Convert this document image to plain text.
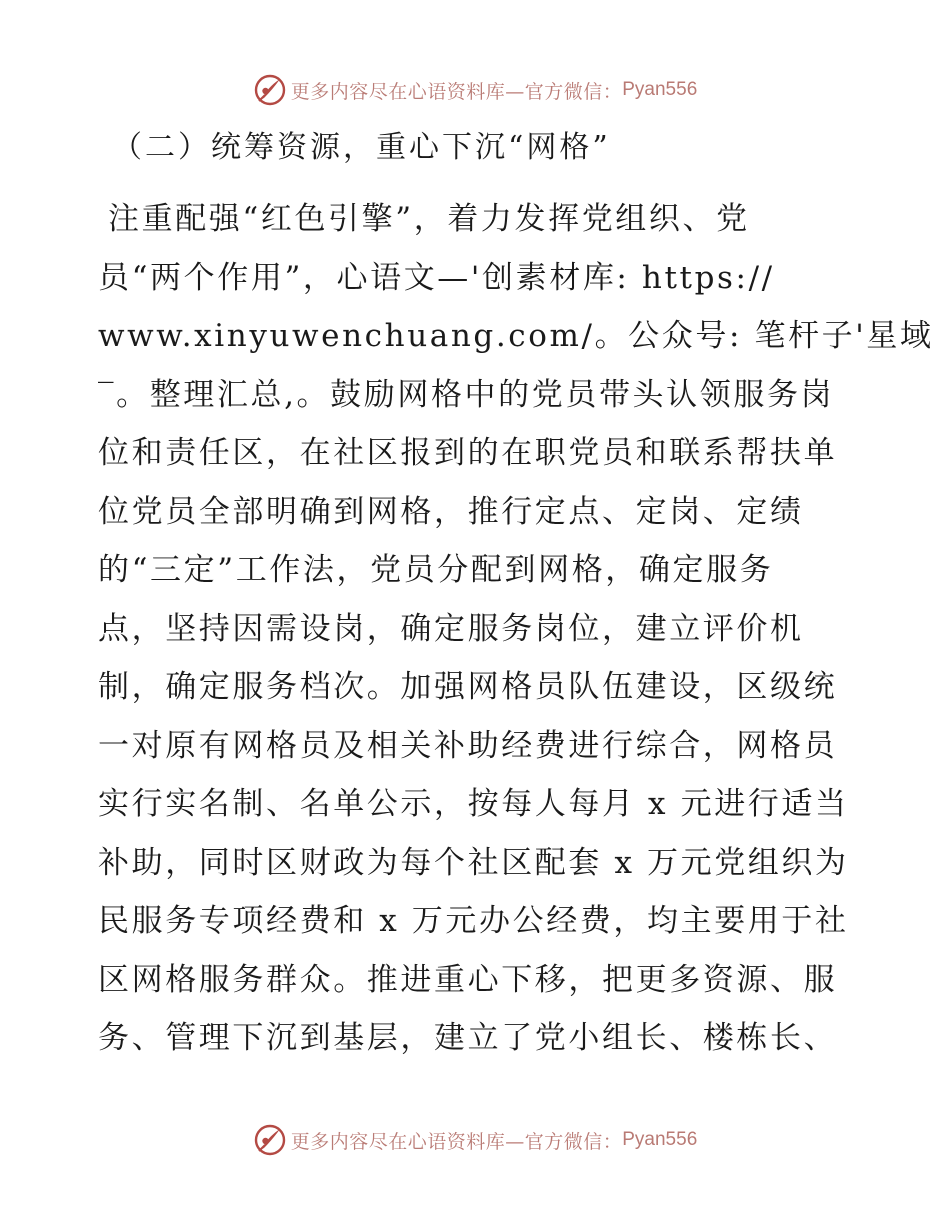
更多内容尽在心语资料库—官方微信： Pyan556
（二）统筹资源，重心下沉“网格”
注重配强“红色引擎”，着力发挥党组织、党
员“两个作用”，心语文—'创素材库: https://
www.xinyuwenchuang.com/。公众号: 笔杆子'星域
‾。整理汇总,。鼓励网格中的党员带头认领服务岗
位和责任区，在社区报到的在职党员和联系帮扶单
位党员全部明确到网格，推行定点、定岗、定绩
的“三定”工作法，党员分配到网格，确定服务
点，坚持因需设岗，确定服务岗位，建立评价机
制，确定服务档次。加强网格员队伍建设，区级统
一对原有网格员及相关补助经费进行综合，网格员
实行实名制、名单公示，按每人每月 x 元进行适当
补助，同时区财政为每个社区配套 x 万元党组织为
民服务专项经费和 x 万元办公经费，均主要用于社
区网格服务群众。推进重心下移，把更多资源、服
务、管理下沉到基层，建立了党小组长、楼栋长、
更多内容尽在心语资料库—官方微信： Pyan556
